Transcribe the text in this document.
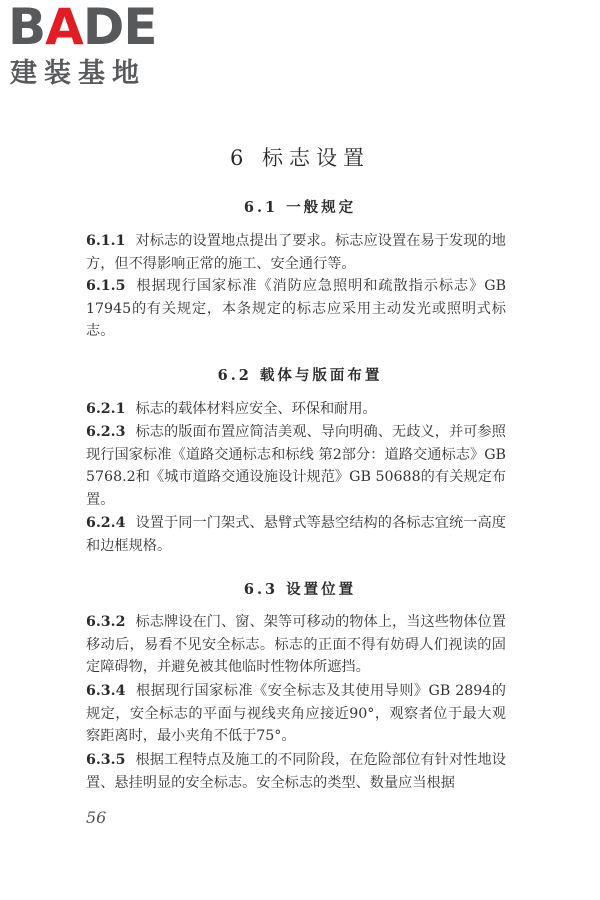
BADE
建装基地
6 标志设置
6.1 一般规定

6.1.1 对标志的设置地点提出了要求。标志应设置在易于发现的地方，但不得影响正常的施工、安全通行等。

6.1.5 根据现行国家标准《消防应急照明和疏散指示标志》GB 17945的有关规定，本条规定的标志应采用主动发光或照明式标志。

6.2 载体与版面布置

6.2.1 标志的载体材料应安全、环保和耐用。

6.2.3 标志的版面布置应简洁美观、导向明确、无歧义，并可参照现行国家标准《道路交通标志和标线 第2部分：道路交通标志》GB 5768.2和《城市道路交通设施设计规范》GB 50688的有关规定布置。

6.2.4 设置于同一门架式、悬臂式等悬空结构的各标志宜统一高度和边框规格。

6.3 设置位置

6.3.2 标志牌设在门、窗、架等可移动的物体上，当这些物体位置移动后，易看不见安全标志。标志的正面不得有妨碍人们视读的固定障碍物，并避免被其他临时性物体所遮挡。

6.3.4 根据现行国家标准《安全标志及其使用导则》GB 2894的规定，安全标志的平面与视线夹角应接近90°，观察者位于最大观察距离时，最小夹角不低于75°。

6.3.5 根据工程特点及施工的不同阶段，在危险部位有针对性地设置、悬挂明显的安全标志。安全标志的类型、数量应当根据

56
